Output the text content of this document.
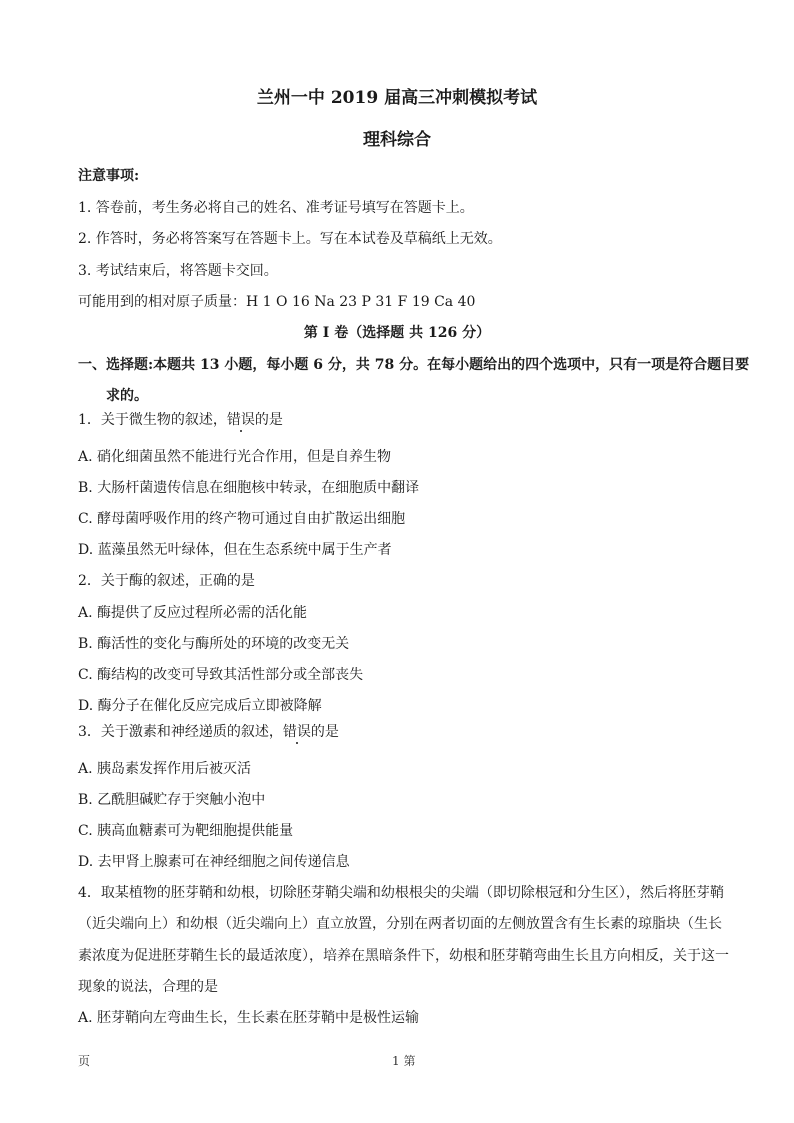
兰州一中 2019 届高三冲刺模拟考试
理科综合
注意事项:
1. 答卷前，考生务必将自己的姓名、准考证号填写在答题卡上。
2. 作答时，务必将答案写在答题卡上。写在本试卷及草稿纸上无效。
3. 考试结束后，将答题卡交回。
可能用到的相对原子质量：H 1 O 16 Na 23 P 31 F 19 Ca 40
第 I 卷（选择题 共 126 分）
一、选择题:本题共 13 小题，每小题 6 分，共 78 分。在每小题给出的四个选项中，只有一项是符合题目要
求的。
1．关于微生物的叙述，错误的是
A. 硝化细菌虽然不能进行光合作用，但是自养生物
B. 大肠杆菌遗传信息在细胞核中转录，在细胞质中翻译
C. 酵母菌呼吸作用的终产物可通过自由扩散运出细胞
D. 蓝藻虽然无叶绿体，但在生态系统中属于生产者
2．关于酶的叙述，正确的是
A. 酶提供了反应过程所必需的活化能
B. 酶活性的变化与酶所处的环境的改变无关
C. 酶结构的改变可导致其活性部分或全部丧失
D. 酶分子在催化反应完成后立即被降解
3．关于激素和神经递质的叙述，错误的是
A. 胰岛素发挥作用后被灭活
B. 乙酰胆碱贮存于突触小泡中
C. 胰高血糖素可为靶细胞提供能量
D. 去甲肾上腺素可在神经细胞之间传递信息
4．取某植物的胚芽鞘和幼根，切除胚芽鞘尖端和幼根根尖的尖端（即切除根冠和分生区），然后将胚芽鞘
（近尖端向上）和幼根（近尖端向上）直立放置，分别在两者切面的左侧放置含有生长素的琼脂块（生长
素浓度为促进胚芽鞘生长的最适浓度），培养在黑暗条件下，幼根和胚芽鞘弯曲生长且方向相反，关于这一
现象的说法，合理的是
A. 胚芽鞘向左弯曲生长，生长素在胚芽鞘中是极性运输
页	1 第
